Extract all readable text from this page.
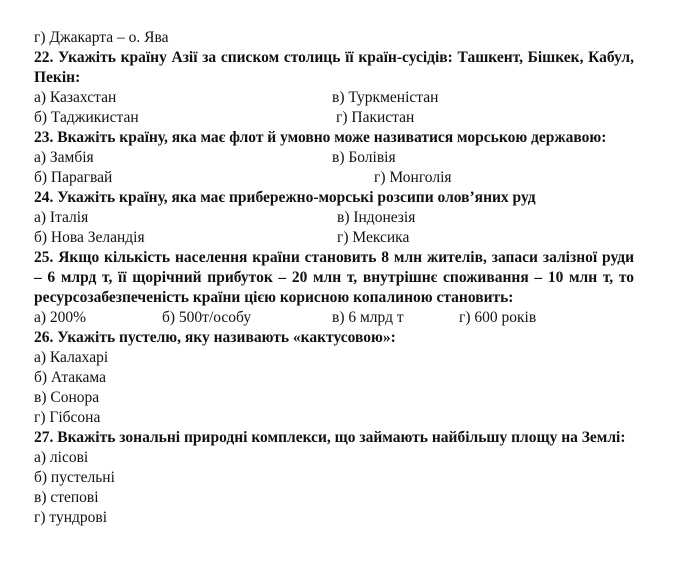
г) Джакарта – о. Ява
22. Укажіть країну Азії за списком столиць її країн-сусідів: Ташкент, Бішкек, Кабул, Пекін:
а) Казахстан	в) Туркменістан
б) Таджикистан	г) Пакистан
23. Вкажіть країну, яка має флот й умовно може називатися морською державою:
а) Замбія	в) Болівія
б) Парагвай	г) Монголія
24. Укажіть країну, яка має прибережно-морські розсипи олов’яних руд
а) Італія	в) Індонезія
б) Нова Зеландія	г) Мексика
25. Якщо кількість населення країни становить 8 млн жителів, запаси залізної руди – 6 млрд т, її щорічний прибуток – 20 млн т, внутрішнє споживання – 10 млн т, то ресурсозабезпеченість країни цією корисною копалиною становить:
а) 200%	б) 500т/особу	в) 6 млрд т	г) 600 років
26. Укажіть пустелю, яку називають «кактусовою»:
а) Калахарі
б) Атакама
в) Сонора
г) Гібсона
27. Вкажіть зональні природні комплекси, що займають найбільшу площу на Землі:
а) лісові
б) пустельні
в) степові
г) тундрові
